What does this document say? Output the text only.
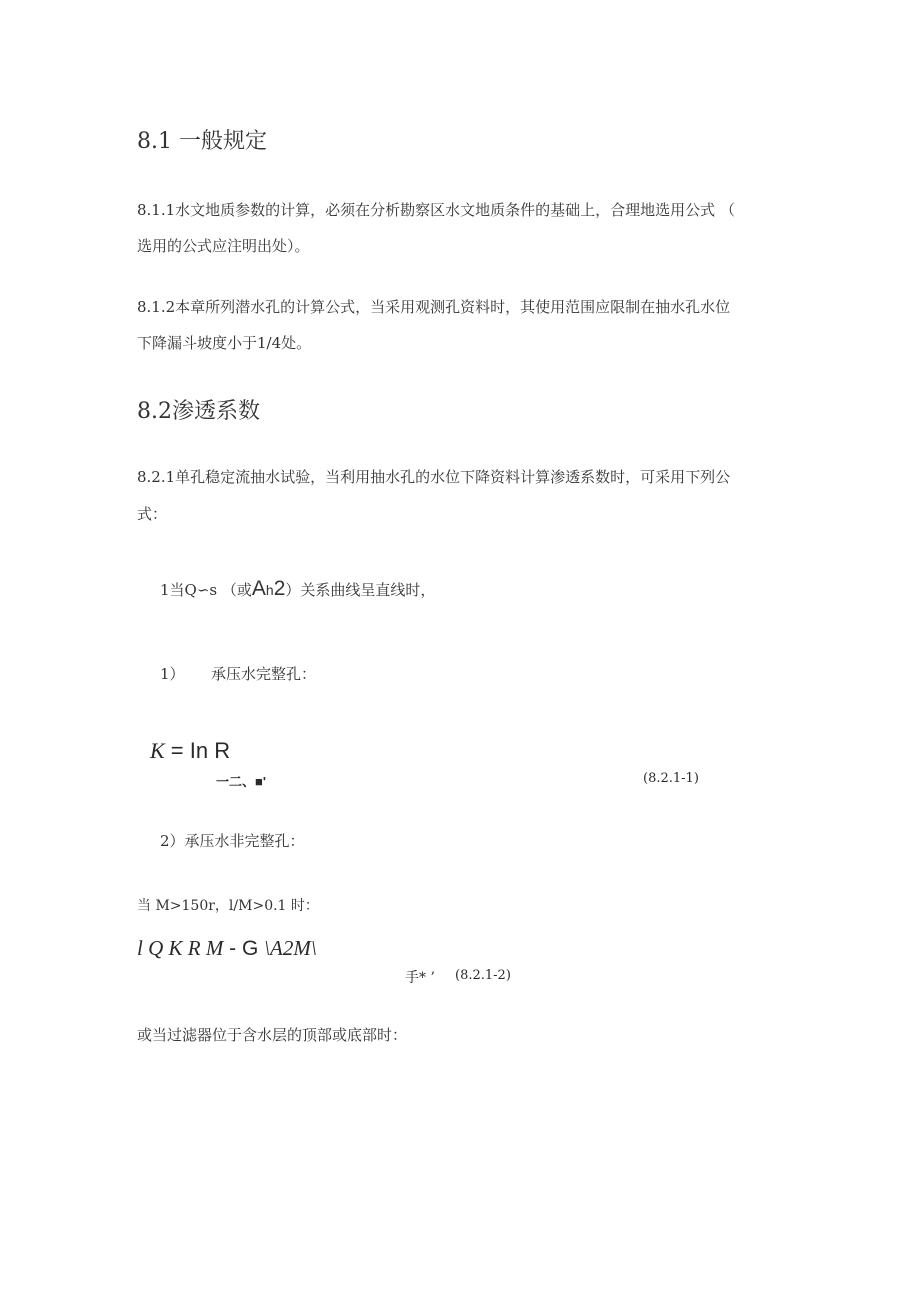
8.1 一般规定
8.1.1水文地质参数的计算，必须在分析勘察区水文地质条件的基础上，合理地选用公式 （
选用的公式应注明出处）。
8.1.2本章所列潜水孔的计算公式，当采用观测孔资料时，其使用范围应限制在抽水孔水位
下降漏斗坡度小于1/4处。
8.2渗透系数
8.2.1单孔稳定流抽水试验，当利用抽水孔的水位下降资料计算渗透系数时，可采用下列公
式：
1当Q∽s （或Ah2）关系曲线呈直线时，
1） 承压水完整孔：
K = In R
一二、■'	(8.2.1-1)
2）承压水非完整孔：
当 M>150r，l/M>0.1 时：
l Q K R M - G \A2M\
手* ’ (8.2.1-2)
或当过滤器位于含水层的顶部或底部时：
